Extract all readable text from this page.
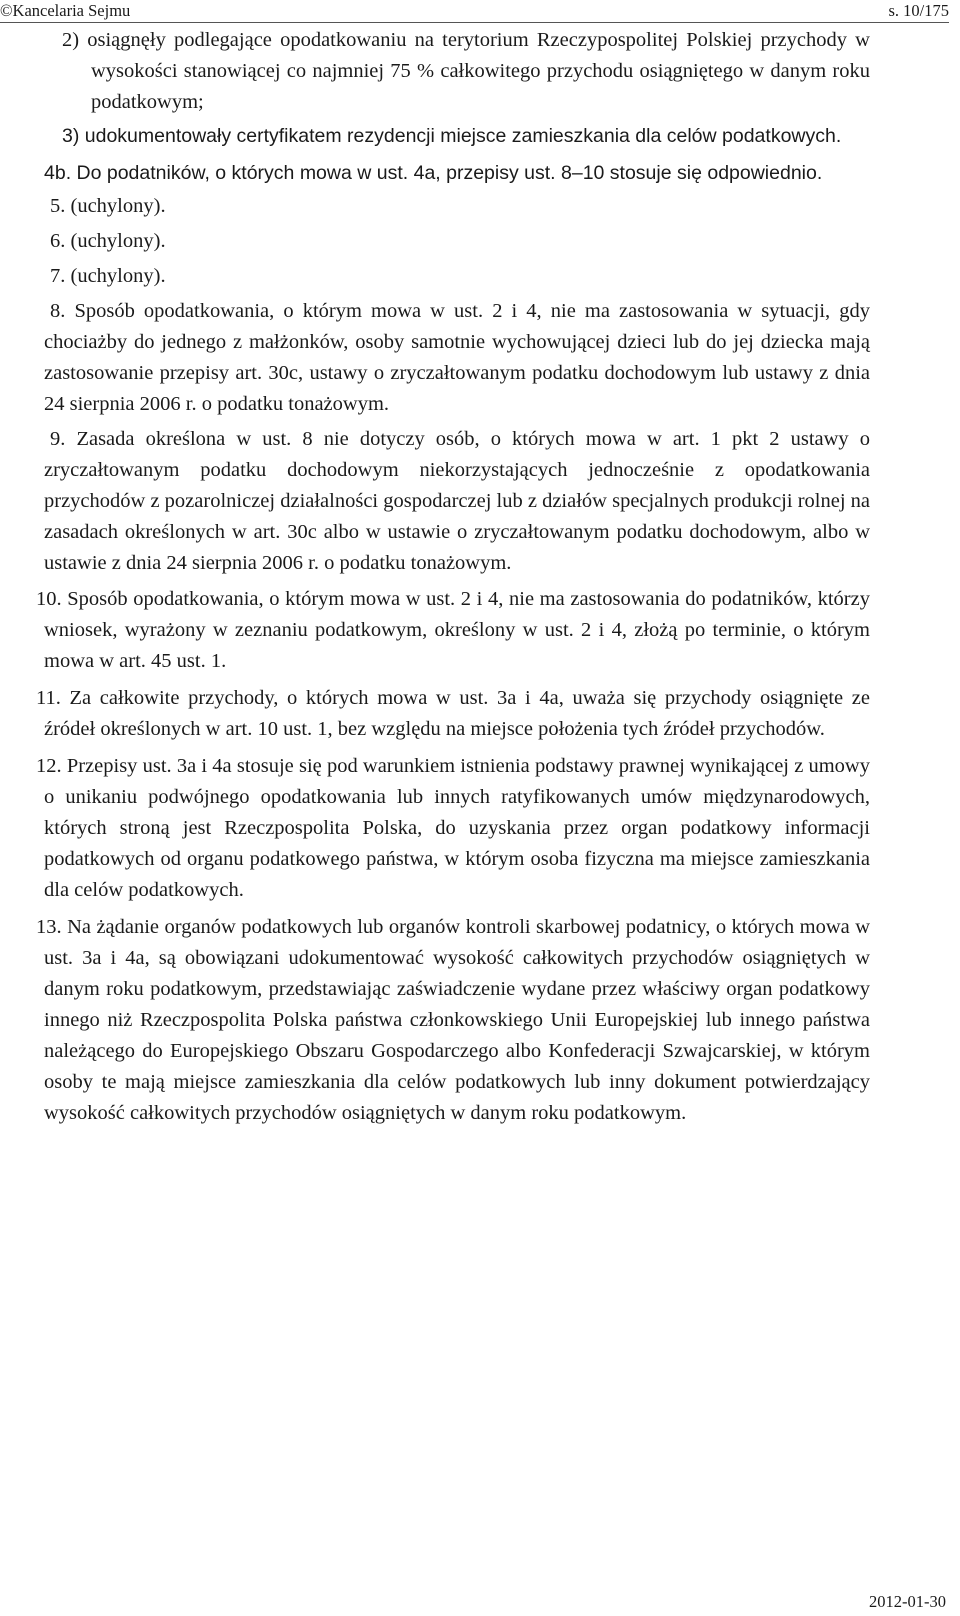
©Kancelaria Sejmu	s. 10/175

2) osiągnęły podlegające opodatkowaniu na terytorium Rzeczypospolitej Polskiej przychody w wysokości stanowiącej co najmniej 75 % całkowitego przychodu osiągniętego w danym roku podatkowym;

3) udokumentowały certyfikatem rezydencji miejsce zamieszkania dla celów podatkowych.

4b. Do podatników, o których mowa w ust. 4a, przepisy ust. 8–10 stosuje się odpowiednio.

5. (uchylony).

6. (uchylony).

7. (uchylony).

8. Sposób opodatkowania, o którym mowa w ust. 2 i 4, nie ma zastosowania w sytuacji, gdy chociażby do jednego z małżonków, osoby samotnie wychowującej dzieci lub do jej dziecka mają zastosowanie przepisy art. 30c, ustawy o zryczałtowanym podatku dochodowym lub ustawy z dnia 24 sierpnia 2006 r. o podatku tonażowym.

9. Zasada określona w ust. 8 nie dotyczy osób, o których mowa w art. 1 pkt 2 ustawy o zryczałtowanym podatku dochodowym niekorzystających jednocześnie z opodatkowania przychodów z pozarolniczej działalności gospodarczej lub z działów specjalnych produkcji rolnej na zasadach określonych w art. 30c albo w ustawie o zryczałtowanym podatku dochodowym, albo w ustawie z dnia 24 sierpnia 2006 r. o podatku tonażowym.

10. Sposób opodatkowania, o którym mowa w ust. 2 i 4, nie ma zastosowania do podatników, którzy wniosek, wyrażony w zeznaniu podatkowym, określony w ust. 2 i 4, złożą po terminie, o którym mowa w art. 45 ust. 1.

11. Za całkowite przychody, o których mowa w ust. 3a i 4a, uważa się przychody osiągnięte ze źródeł określonych w art. 10 ust. 1, bez względu na miejsce położenia tych źródeł przychodów.

12. Przepisy ust. 3a i 4a stosuje się pod warunkiem istnienia podstawy prawnej wynikającej z umowy o unikaniu podwójnego opodatkowania lub innych ratyfikowanych umów międzynarodowych, których stroną jest Rzeczpospolita Polska, do uzyskania przez organ podatkowy informacji podatkowych od organu podatkowego państwa, w którym osoba fizyczna ma miejsce zamieszkania dla celów podatkowych.

13. Na żądanie organów podatkowych lub organów kontroli skarbowej podatnicy, o których mowa w ust. 3a i 4a, są obowiązani udokumentować wysokość całkowitych przychodów osiągniętych w danym roku podatkowym, przedstawiając zaświadczenie wydane przez właściwy organ podatkowy innego niż Rzeczpospolita Polska państwa członkowskiego Unii Europejskiej lub innego państwa należącego do Europejskiego Obszaru Gospodarczego albo Konfederacji Szwajcarskiej, w którym osoby te mają miejsce zamieszkania dla celów podatkowych lub inny dokument potwierdzający wysokość całkowitych przychodów osiągniętych w danym roku podatkowym.

2012-01-30
